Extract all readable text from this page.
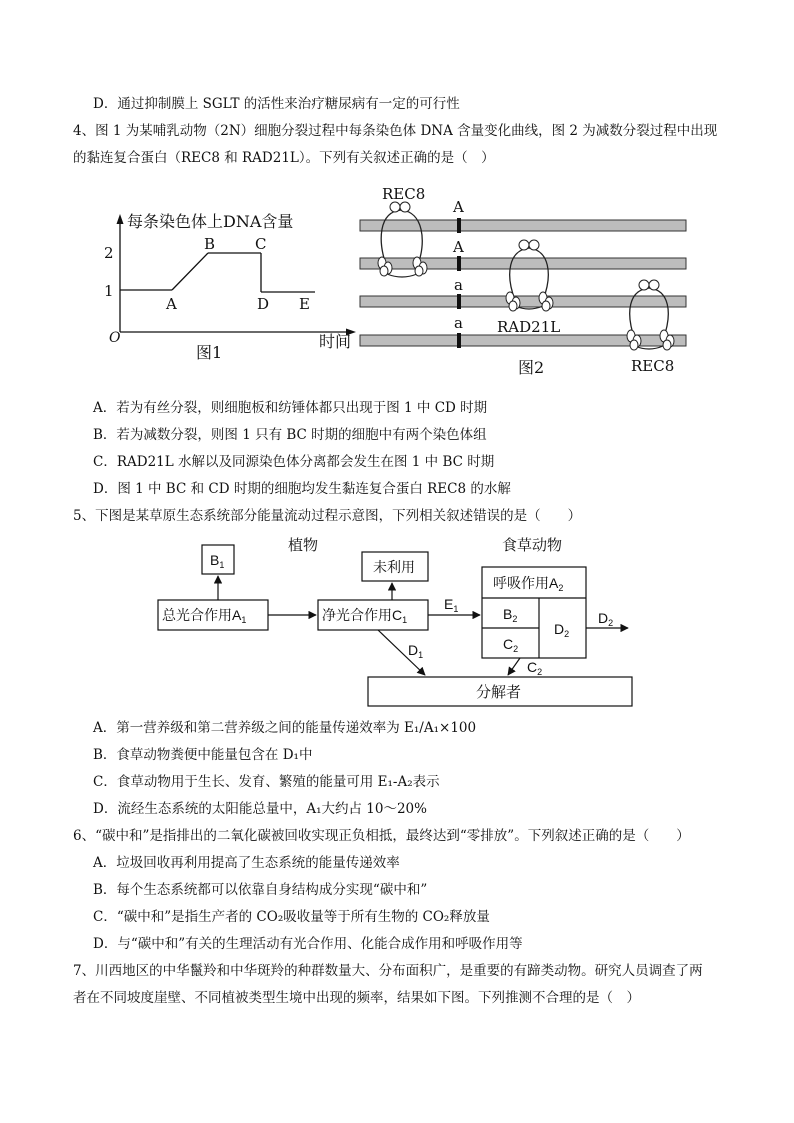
D．通过抑制膜上 SGLT 的活性来治疗糖尿病有一定的可行性
4、图 1 为某哺乳动物（2N）细胞分裂过程中每条染色体 DNA 含量变化曲线，图 2 为减数分裂过程中出现
的黏连复合蛋白（REC8 和 RAD21L）。下列有关叙述正确的是（　）
每条染色体上DNA含量
2
1
O
A
B	C
D E
图1
时间
A
A
a
a
REC8
RAD21L
REC8
图2
A．若为有丝分裂，则细胞板和纺锤体都只出现于图 1 中 CD 时期
B．若为减数分裂，则图 1 只有 BC 时期的细胞中有两个染色体组
C．RAD21L 水解以及同源染色体分离都会发生在图 1 中 BC 时期
D．图 1 中 BC 和 CD 时期的细胞均发生黏连复合蛋白 REC8 的水解
5、下图是某草原生态系统部分能量流动过程示意图，下列相关叙述错误的是（　　）
植物	食草动物
$B_1$
总光合作用$A_1$	净光合作用$C_1$
未利用
呼吸作用$A_2$
$B_2$
$C_2$
$D_2$
分解者
$E_1$
$D_2$
$D_1$
$C_2$
A．第一营养级和第二营养级之间的能量传递效率为 E₁/A₁×100
B．食草动物粪便中能量包含在 D₁中
C．食草动物用于生长、发育、繁殖的能量可用 E₁-A₂表示
D．流经生态系统的太阳能总量中，A₁大约占 10～20%
6、“碳中和”是指排出的二氧化碳被回收实现正负相抵，最终达到“零排放”。下列叙述正确的是（　　）
A．垃圾回收再利用提高了生态系统的能量传递效率
B．每个生态系统都可以依靠自身结构成分实现“碳中和”
C．“碳中和”是指生产者的 CO₂吸收量等于所有生物的 CO₂释放量
D．与“碳中和”有关的生理活动有光合作用、化能合成作用和呼吸作用等
7、川西地区的中华鬣羚和中华斑羚的种群数量大、分布面积广，是重要的有蹄类动物。研究人员调查了两
者在不同坡度崖壁、不同植被类型生境中出现的频率，结果如下图。下列推测不合理的是（　）
